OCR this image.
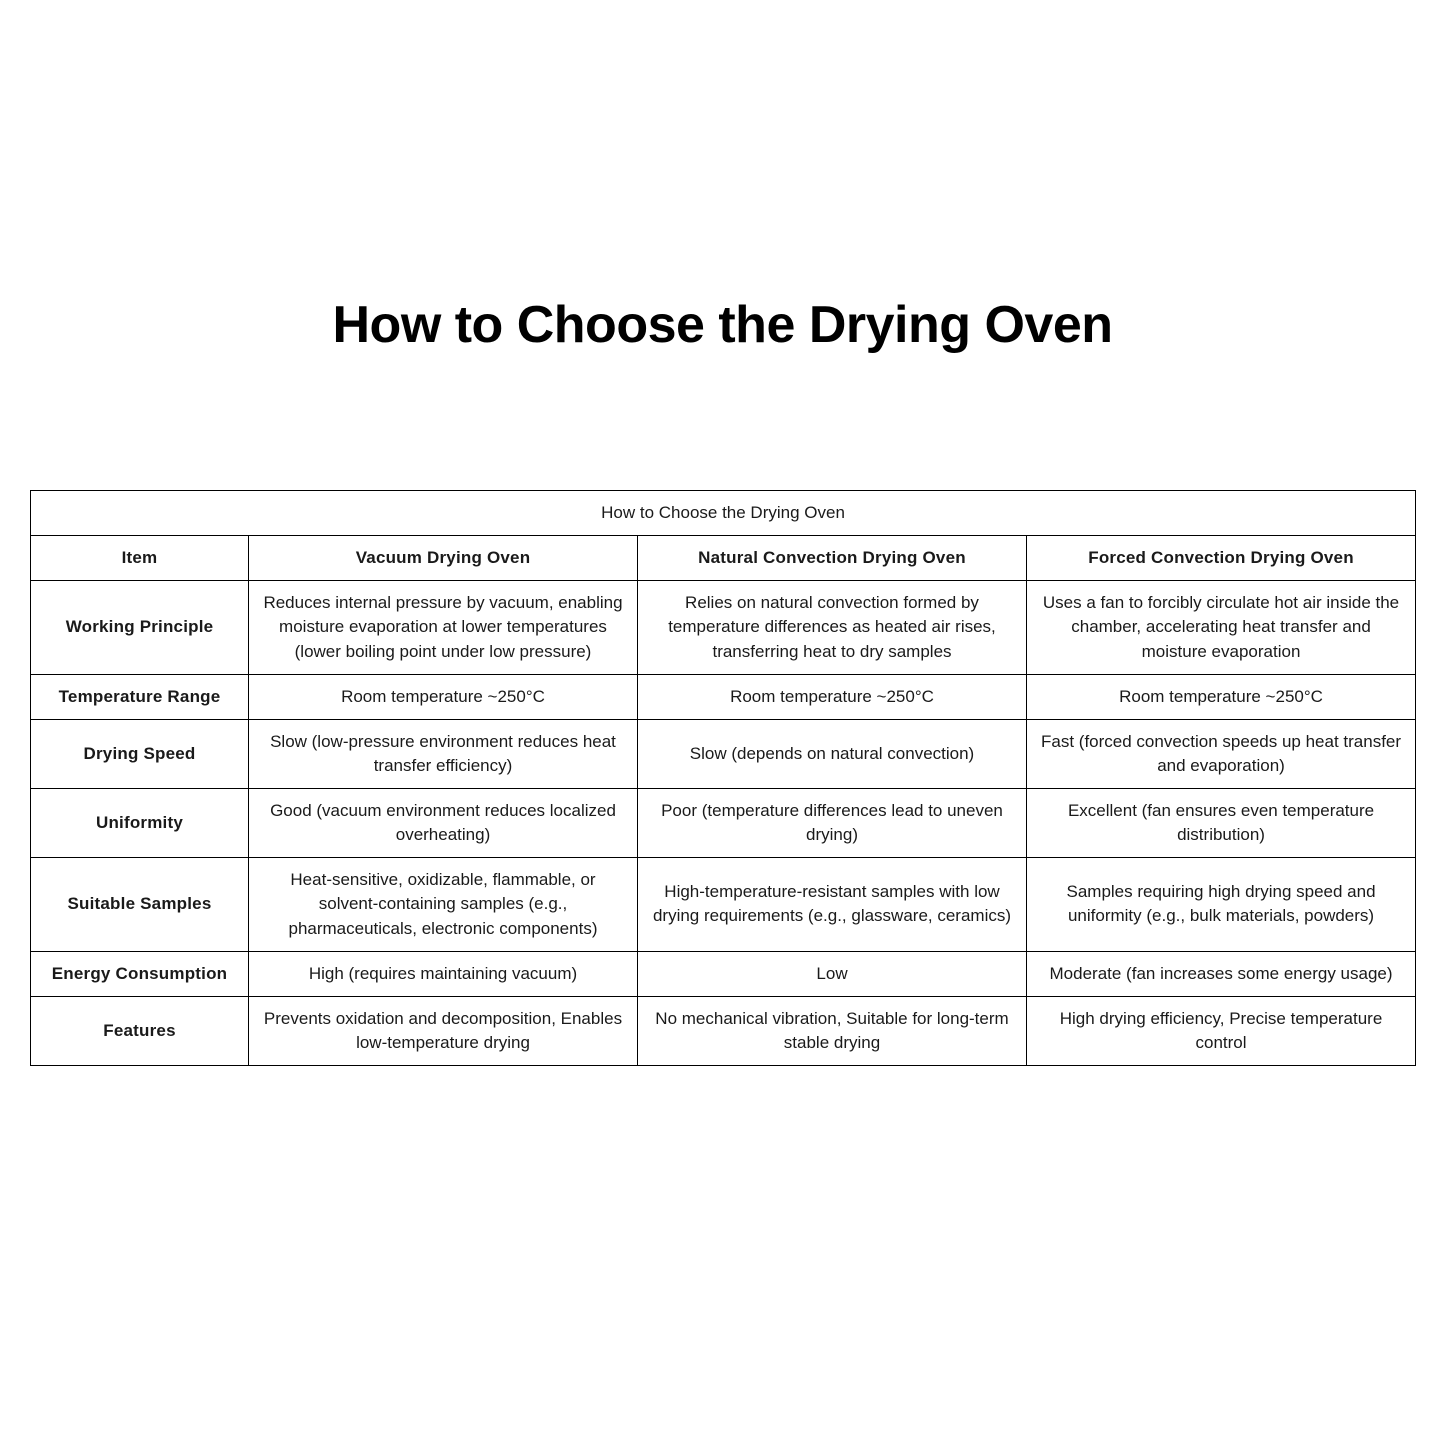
How to Choose the Drying Oven
How to Choose the Drying Oven			
Item	Vacuum Drying Oven	Natural Convection Drying Oven	Forced Convection Drying Oven
Working Principle	Reduces internal pressure by vacuum, enabling moisture evaporation at lower temperatures (lower boiling point under low pressure)	Relies on natural convection formed by temperature differences as heated air rises, transferring heat to dry samples	Uses a fan to forcibly circulate hot air inside the chamber, accelerating heat transfer and moisture evaporation
Temperature Range	Room temperature ~250°C	Room temperature ~250°C	Room temperature ~250°C
Drying Speed	Slow (low-pressure environment reduces heat transfer efficiency)	Slow (depends on natural convection)	Fast (forced convection speeds up heat transfer and evaporation)
Uniformity	Good (vacuum environment reduces localized overheating)	Poor (temperature differences lead to uneven drying)	Excellent (fan ensures even temperature distribution)
Suitable Samples	Heat-sensitive, oxidizable, flammable, or solvent-containing samples (e.g., pharmaceuticals, electronic components)	High-temperature-resistant samples with low drying requirements (e.g., glassware, ceramics)	Samples requiring high drying speed and uniformity (e.g., bulk materials, powders)
Energy Consumption	High (requires maintaining vacuum)	Low	Moderate (fan increases some energy usage)
Features	Prevents oxidation and decomposition, Enables low-temperature drying	No mechanical vibration, Suitable for long-term stable drying	High drying efficiency, Precise temperature control
